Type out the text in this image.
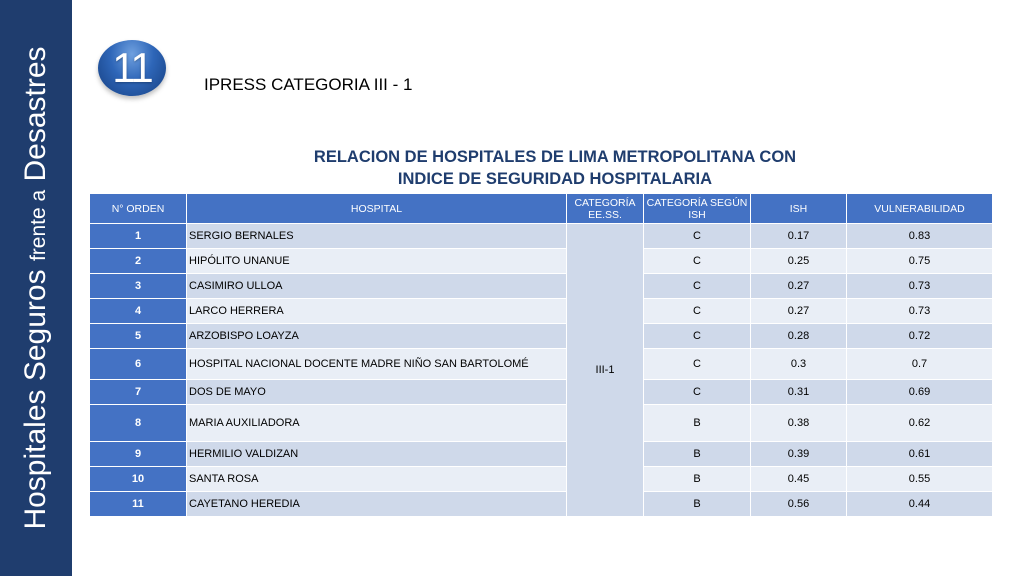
Hospitales Seguros frente a Desastres 11	IPRESS CATEGORIA III - 1
RELACION DE HOSPITALES DE LIMA METROPOLITANA CON
INDICE DE SEGURIDAD HOSPITALARIA
N° ORDEN	HOSPITAL	CATEGORÍA EE.SS.	CATEGORÍA SEGÚN ISH	ISH	VULNERABILIDAD
1	SERGIO BERNALES	III-1	C	0.17	0.83
2	HIPÓLITO UNANUE		C	0.25	0.75
3	CASIMIRO ULLOA		C	0.27	0.73
4	LARCO HERRERA		C	0.27	0.73
5	ARZOBISPO LOAYZA		C	0.28	0.72
6	HOSPITAL NACIONAL DOCENTE MADRE NIÑO SAN BARTOLOMÉ		C	0.3	0.7
7	DOS DE MAYO		C	0.31	0.69
8	MARIA AUXILIADORA		B	0.38	0.62
9	HERMILIO VALDIZAN		B	0.39	0.61
10	SANTA ROSA		B	0.45	0.55
11	CAYETANO HEREDIA		B	0.56	0.44
